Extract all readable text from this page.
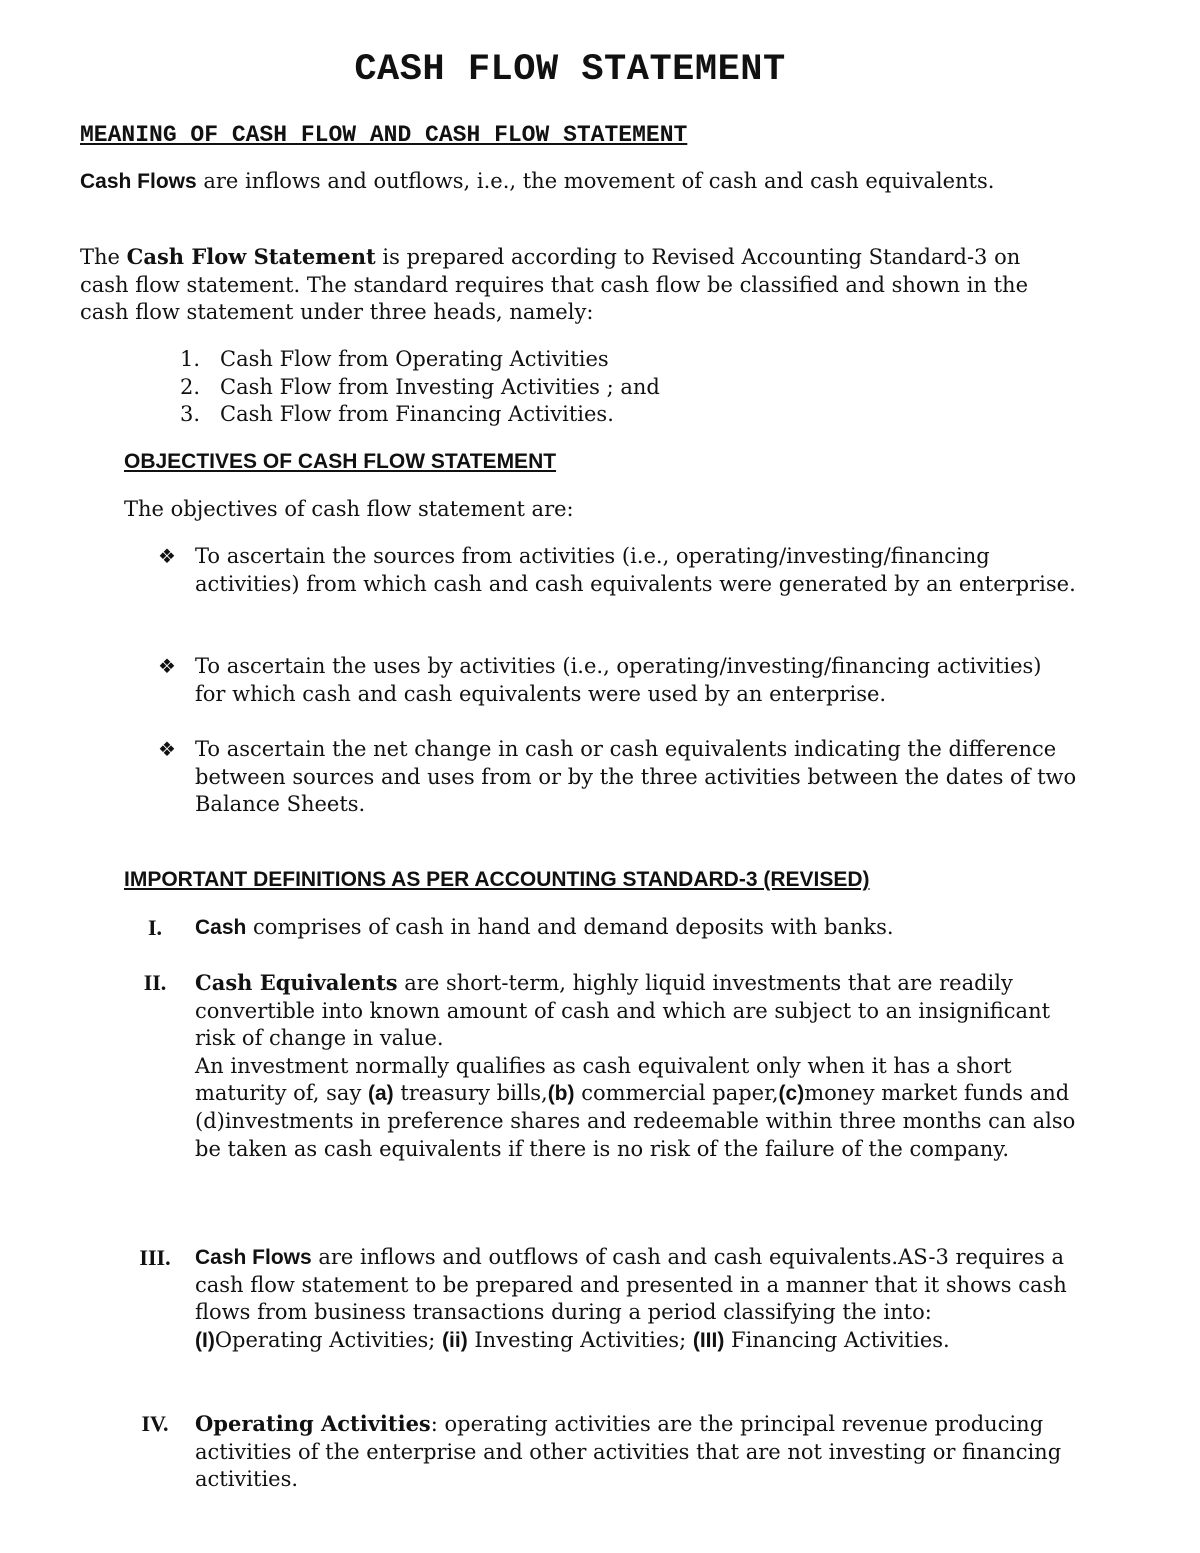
CASH FLOW STATEMENT
MEANING OF CASH FLOW AND CASH FLOW STATEMENT
Cash Flows are inflows and outflows, i.e., the movement of cash and cash equivalents.
The Cash Flow Statement is prepared according to Revised Accounting Standard-3 on cash flow statement. The standard requires that cash flow be classified and shown in the cash flow statement under three heads, namely:
1. Cash Flow from Operating Activities
2. Cash Flow from Investing Activities ; and
3. Cash Flow from Financing Activities.
OBJECTIVES OF CASH FLOW STATEMENT
The objectives of cash flow statement are:
❖ To ascertain the sources from activities (i.e., operating/investing/financing activities) from which cash and cash equivalents were generated by an enterprise.
❖ To ascertain the uses by activities (i.e., operating/investing/financing activities) for which cash and cash equivalents were used by an enterprise.
❖ To ascertain the net change in cash or cash equivalents indicating the difference between sources and uses from or by the three activities between the dates of two Balance Sheets.
IMPORTANT DEFINITIONS AS PER ACCOUNTING STANDARD-3 (REVISED)
I.	Cash comprises of cash in hand and demand deposits with banks.
II.	Cash Equivalents are short-term, highly liquid investments that are readily convertible into known amount of cash and which are subject to an insignificant risk of change in value.
An investment normally qualifies as cash equivalent only when it has a short maturity of, say (a) treasury bills,(b) commercial paper,(c)money market funds and (d)investments in preference shares and redeemable within three months can also be taken as cash equivalents if there is no risk of the failure of the company.
III.	Cash Flows are inflows and outflows of cash and cash equivalents.AS-3 requires a cash flow statement to be prepared and presented in a manner that it shows cash flows from business transactions during a period classifying the into:
(I)Operating Activities; (ii) Investing Activities; (III) Financing Activities.
IV.	Operating Activities: operating activities are the principal revenue producing activities of the enterprise and other activities that are not investing or financing activities.
